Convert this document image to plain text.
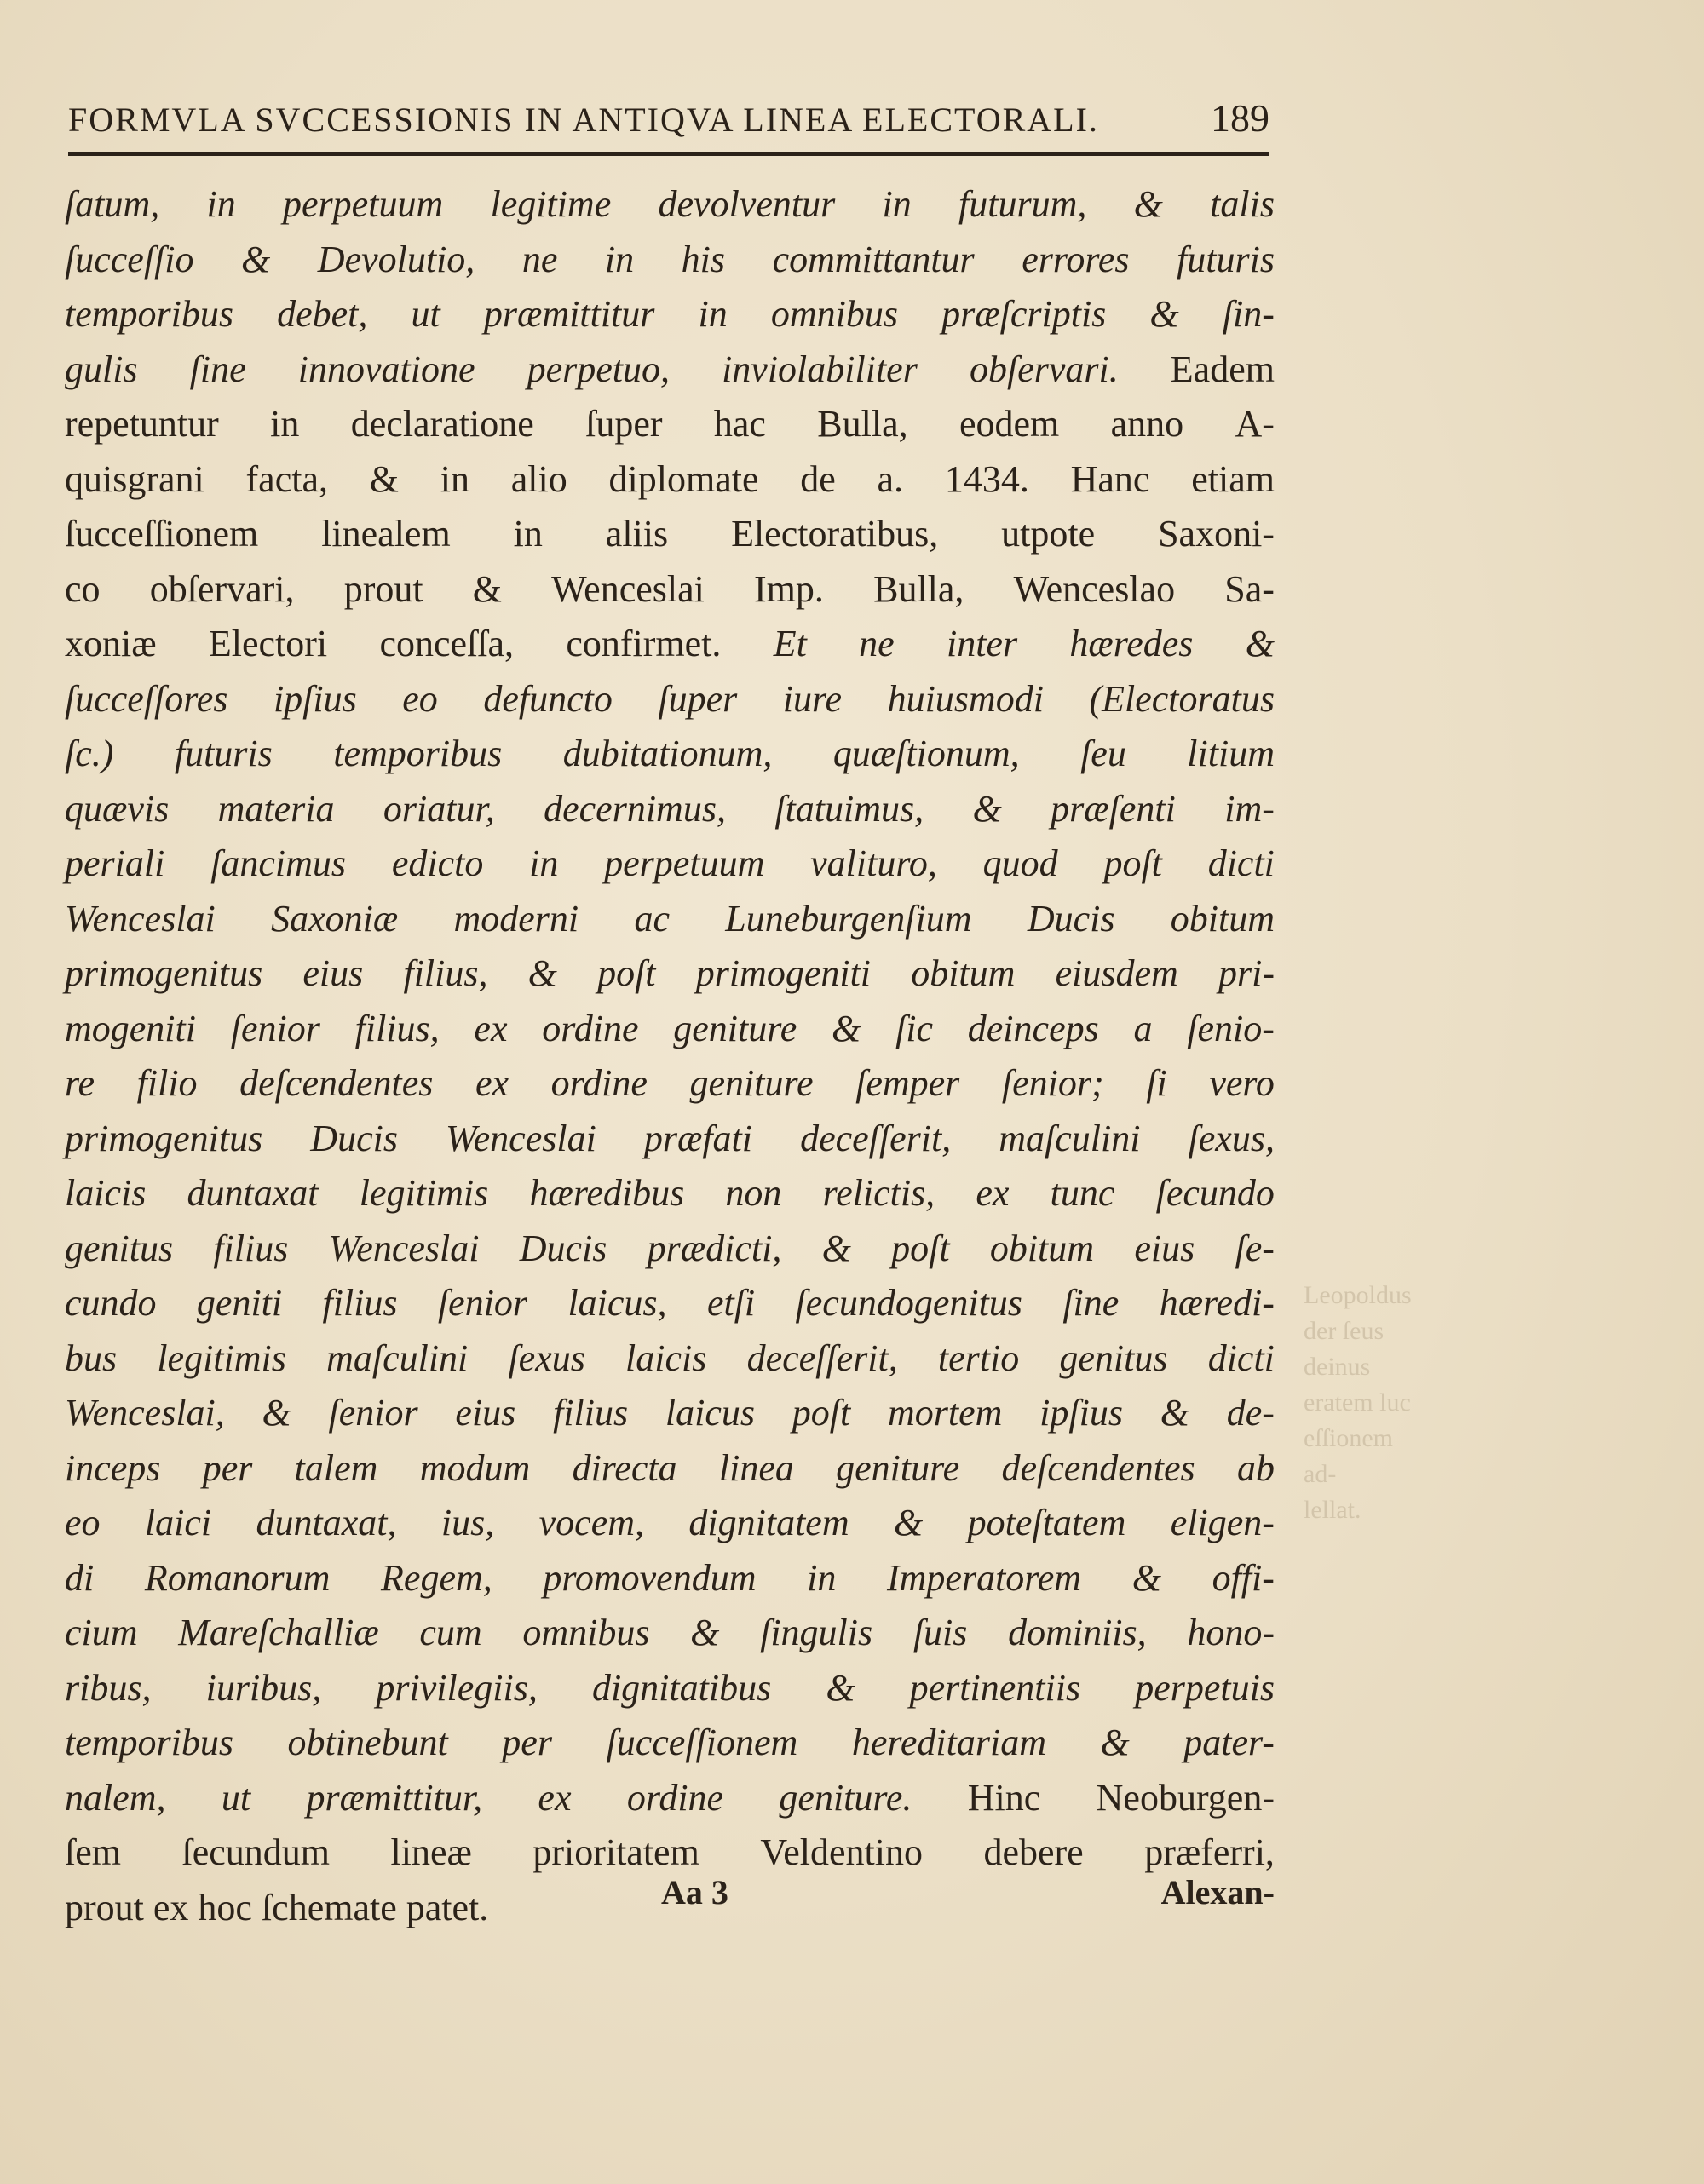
FORMVLA SVCCESSIONIS IN ANTIQVA LINEA ELECTORALI.	189
ſatum, in perpetuum legitime devolventur in futurum, & talis
ſucceſſio & Devolutio, ne in his committantur errores futuris
temporibus debet, ut præmittitur in omnibus præſcriptis & ſin-
gulis ſine innovatione perpetuo, inviolabiliter obſervari. Eadem
repetuntur in declaratione ſuper hac Bulla, eodem anno A-
quisgrani facta, & in alio diplomate de a. 1434. Hanc etiam
ſucceſſionem linealem in aliis Electoratibus, utpote Saxoni-
co obſervari, prout & Wenceslai Imp. Bulla, Wenceslao Sa-
xoniæ Electori conceſſa, confirmet. Et ne inter hæredes &
ſucceſſores ipſius eo defuncto ſuper iure huiusmodi (Electoratus
ſc.) futuris temporibus dubitationum, quæſtionum, ſeu litium
quævis materia oriatur, decernimus, ſtatuimus, & præſenti im-
periali ſancimus edicto in perpetuum valituro, quod poſt dicti
Wenceslai Saxoniæ moderni ac Luneburgenſium Ducis obitum
primogenitus eius filius, & poſt primogeniti obitum eiusdem pri-
mogeniti ſenior filius, ex ordine geniture & ſic deinceps a ſenio-
re filio deſcendentes ex ordine geniture ſemper ſenior; ſi vero
primogenitus Ducis Wenceslai præfati deceſſerit, maſculini ſexus,
laicis duntaxat legitimis hæredibus non relictis, ex tunc ſecundo
genitus filius Wenceslai Ducis prædicti, & poſt obitum eius ſe-
cundo geniti filius ſenior laicus, etſi ſecundogenitus ſine hæredi-
bus legitimis maſculini ſexus laicis deceſſerit, tertio genitus dicti
Wenceslai, & ſenior eius filius laicus poſt mortem ipſius & de-
inceps per talem modum directa linea geniture deſcendentes ab
eo laici duntaxat, ius, vocem, dignitatem & poteſtatem eligen-
di Romanorum Regem, promovendum in Imperatorem & offi-
cium Mareſchalliæ cum omnibus & ſingulis ſuis dominiis, hono-
ribus, iuribus, privilegiis, dignitatibus & pertinentiis perpetuis
temporibus obtinebunt per ſucceſſionem hereditariam & pater-
nalem, ut præmittitur, ex ordine geniture. Hinc Neoburgen-
ſem ſecundum lineæ prioritatem Veldentino debere præferri,
prout
ex
hoc
ſchemate
patet.
	Aa 3	Alexan-
Leopoldus
der ſeus
deinus
eratem luc
eſſionem ad-
lellat.
